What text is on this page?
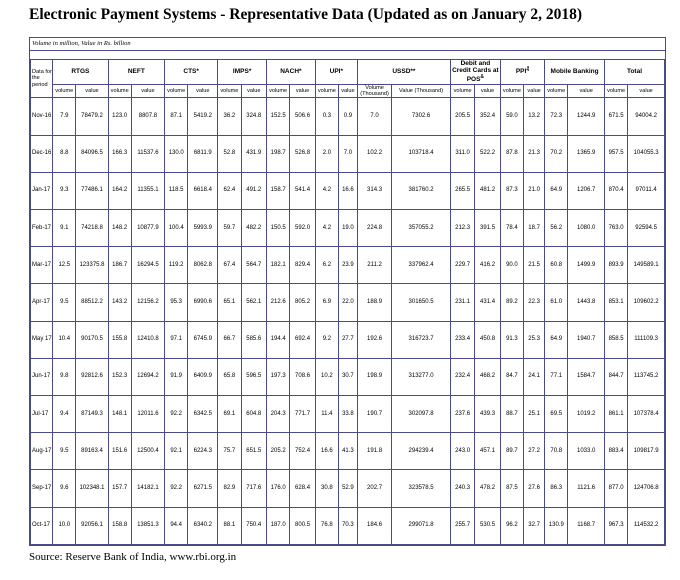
Electronic Payment Systems - Representative Data (Updated as on January 2, 2018)
Volume in million, Value in Rs. billion
Data for the period	RTGS		NEFT		CTS*		IMPS*		NACH*		UPI*		USSD**		Debit and Credit Cards at POS&		PPI₰		Mobile Banking		Total	
	volume	value	volume	value	volume	value	volume	value	volume	value	volume	value	Volume (Thousand)	Value (Thousand)	volume	value	volume	value	volume	value	volume	value
Nov-16	7.9	78479.2	123.0	8807.8	87.1	5419.2	36.2	324.8	152.5	506.6	0.3	0.9	7.0	7302.6	205.5	352.4	59.0	13.2	72.3	1244.9	671.5	94004.2
Dec-16	8.8	84096.5	166.3	11537.6	130.0	6811.9	52.8	431.9	198.7	526.8	2.0	7.0	102.2	103718.4	311.0	522.2	87.8	21.3	70.2	1365.9	957.5	104055.3
Jan-17	9.3	77486.1	164.2	11355.1	118.5	6618.4	62.4	491.2	158.7	541.4	4.2	16.6	314.3	381760.2	265.5	481.2	87.3	21.0	64.9	1206.7	870.4	97011.4
Feb-17	9.1	74218.8	148.2	10877.9	100.4	5993.9	59.7	482.2	150.5	592.0	4.2	19.0	224.8	357055.2	212.3	391.5	78.4	18.7	56.2	1080.0	763.0	92594.5
Mar-17	12.5	123375.8	186.7	16294.5	119.2	8062.8	67.4	564.7	182.1	829.4	6.2	23.9	211.2	337962.4	229.7	416.2	90.0	21.5	60.8	1499.9	893.9	149589.1
Apr-17	9.5	88512.2	143.2	12156.2	95.3	6990.6	65.1	562.1	212.6	805.2	6.9	22.0	188.9	301650.5	231.1	431.4	89.2	22.3	61.0	1443.8	853.1	109602.2
May 17	10.4	90170.5	155.8	12410.8	97.1	6745.9	66.7	585.6	194.4	692.4	9.2	27.7	192.6	316723.7	233.4	450.8	91.3	25.3	64.9	1940.7	858.5	111109.3
Jun-17	9.8	92812.6	152.3	12694.2	91.9	6409.9	65.8	596.5	197.3	708.6	10.2	30.7	198.9	313277.0	232.4	468.2	84.7	24.1	77.1	1584.7	844.7	113745.2
Jul-17	9.4	87149.3	148.1	12011.6	92.2	6342.5	69.1	604.8	204.3	771.7	11.4	33.8	190.7	302097.8	237.6	439.3	88.7	25.1	69.5	1019.2	861.1	107378.4
Aug-17	9.5	89163.4	151.6	12500.4	92.1	6224.3	75.7	651.5	205.2	752.4	16.6	41.3	191.8	294239.4	243.0	457.1	89.7	27.2	70.8	1033.0	883.4	109817.9
Sep-17	9.6	102348.1	157.7	14182.1	92.2	6271.5	82.9	717.6	176.0	628.4	30.8	52.9	202.7	323578.5	240.3	478.2	87.5	27.6	86.3	1121.6	877.0	124706.8
Oct-17	10.0	92056.1	158.8	13851.3	94.4	6340.2	88.1	750.4	187.0	800.5	76.8	70.3	184.6	299071.8	255.7	530.5	96.2	32.7	130.9	1168.7	967.3	114532.2
Source: Reserve Bank of India, www.rbi.org.in
